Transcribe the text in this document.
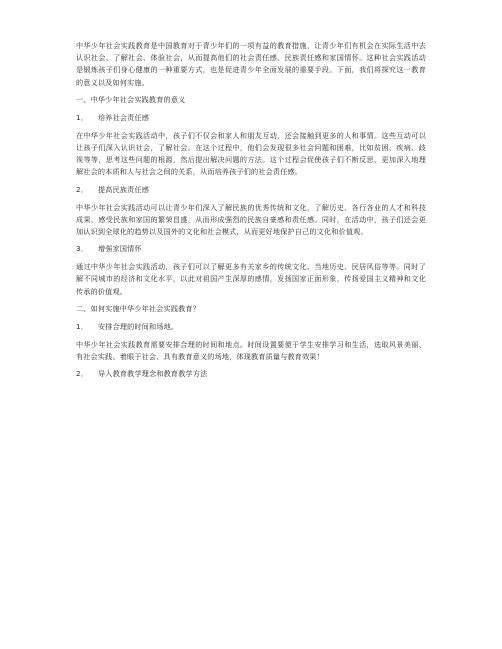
中华少年社会实践教育是中国教育对于青少年们的一项有益的教育措施，让青少年们有机会在实际生活中去认识社会、了解社会、体验社会，从而提高他们的社会责任感、民族责任感和家国情怀。这种社会实践活动是锻炼孩子们身心健康的一种重要方式，也是促进青少年全面发展的重要手段。下面，我们将探究这一教育的意义以及如何实施。

一、中华少年社会实践教育的意义

1． 培养社会责任感

在中华少年社会实践活动中，孩子们不仅会和家人和朋友互动，还会接触到更多的人和事情。这些互动可以让孩子们深入认识社会，了解社会。在这个过程中，他们会发现很多社会问题和困难，比如贫困、疾病、歧视等等，思考这些问题的根源，然后提出解决问题的方法。这个过程会促使孩子们不断反思，更加深入地理解社会的本质和人与社会之间的关系，从而培养孩子们的社会责任感。

2． 提高民族责任感

中华少年社会实践活动可以让青少年们深入了解民族的优秀传统和文化，了解历史、各行各业的人才和科技成果，感受民族和家国的繁荣昌盛，从而形成强烈的民族自豪感和责任感。同时，在活动中，孩子们还会更加认识到全球化的趋势以及国外的文化和社会模式，从而更好地保护自己的文化和价值观。

3． 增强家国情怀

通过中华少年社会实践活动，孩子们可以了解更多有关家乡的传统文化、当地历史、民居风俗等等。同时了解不同城市的经济和文化水平，以此对祖国产生深厚的感情，发扬国家正面形象，传扬爱国主义精神和文化传承的价值观。

二、如何实施中华少年社会实践教育？

1． 安排合理的时间和场地。

中华少年社会实践教育需要安排合理的时间和地点。时间设置要便于学生安排学习和生活，选取风景美丽、有社会实践、着眼于社会、具有教育意义的场地，体现教育质量与教育效果！

2． 导入教育教学理念和教育教学方法
